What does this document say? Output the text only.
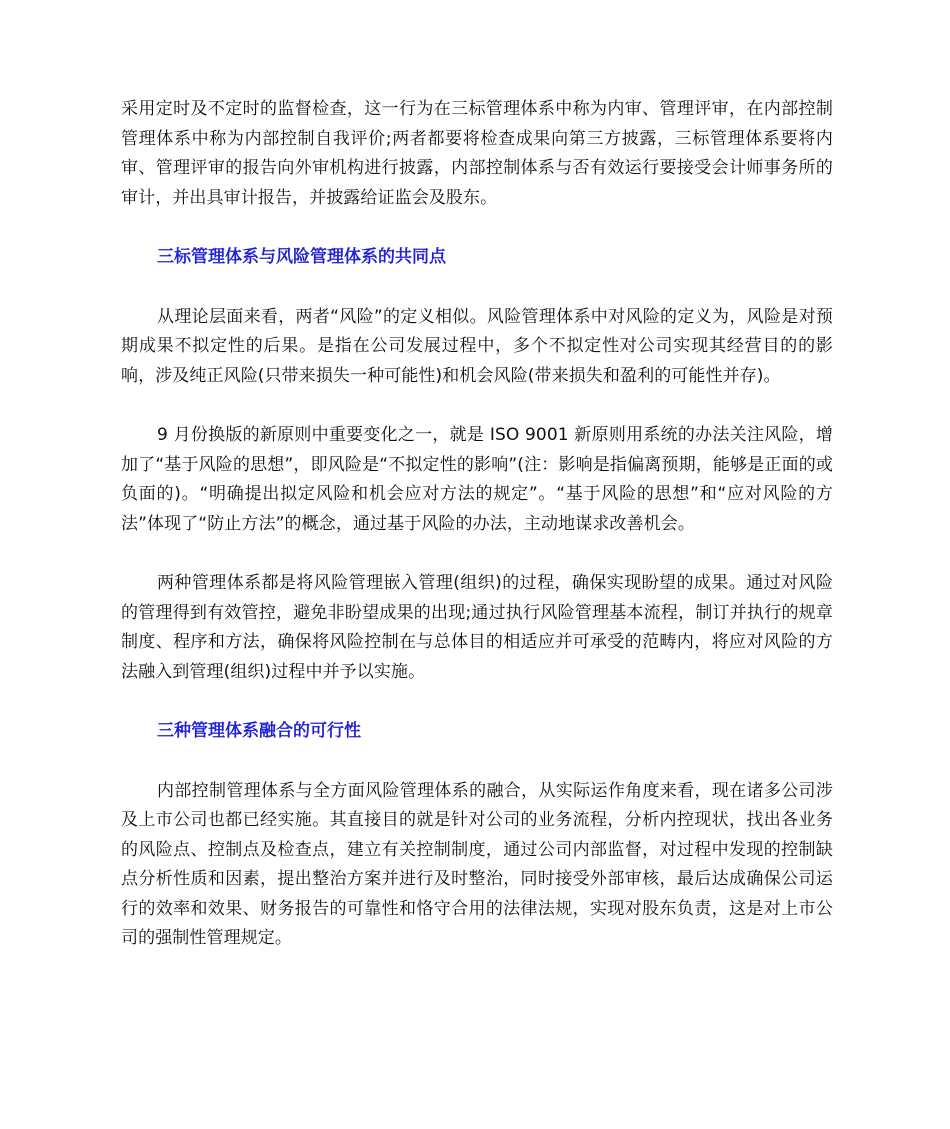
采用定时及不定时的监督检查，这一行为在三标管理体系中称为内审、管理评审，在内部控制管理体系中称为内部控制自我评价;两者都要将检查成果向第三方披露，三标管理体系要将内审、管理评审的报告向外审机构进行披露，内部控制体系与否有效运行要接受会计师事务所的审计，并出具审计报告，并披露给证监会及股东。

三标管理体系与风险管理体系的共同点

从理论层面来看，两者“风险”的定义相似。风险管理体系中对风险的定义为，风险是对预期成果不拟定性的后果。是指在公司发展过程中，多个不拟定性对公司实现其经营目的的影响，涉及纯正风险(只带来损失一种可能性)和机会风险(带来损失和盈利的可能性并存)。

9 月份换版的新原则中重要变化之一，就是 ISO 9001 新原则用系统的办法关注风险，增加了“基于风险的思想”，即风险是“不拟定性的影响”(注：影响是指偏离预期，能够是正面的或负面的)。“明确提出拟定风险和机会应对方法的规定”。“基于风险的思想”和“应对风险的方法”体现了“防止方法”的概念，通过基于风险的办法，主动地谋求改善机会。

两种管理体系都是将风险管理嵌入管理(组织)的过程，确保实现盼望的成果。通过对风险的管理得到有效管控，避免非盼望成果的出现;通过执行风险管理基本流程，制订并执行的规章制度、程序和方法，确保将风险控制在与总体目的相适应并可承受的范畴内，将应对风险的方法融入到管理(组织)过程中并予以实施。

三种管理体系融合的可行性

内部控制管理体系与全方面风险管理体系的融合，从实际运作角度来看，现在诸多公司涉及上市公司也都已经实施。其直接目的就是针对公司的业务流程，分析内控现状，找出各业务的风险点、控制点及检查点，建立有关控制制度，通过公司内部监督，对过程中发现的控制缺点分析性质和因素，提出整治方案并进行及时整治，同时接受外部审核，最后达成确保公司运行的效率和效果、财务报告的可靠性和恪守合用的法律法规，实现对股东负责，这是对上市公司的强制性管理规定。
